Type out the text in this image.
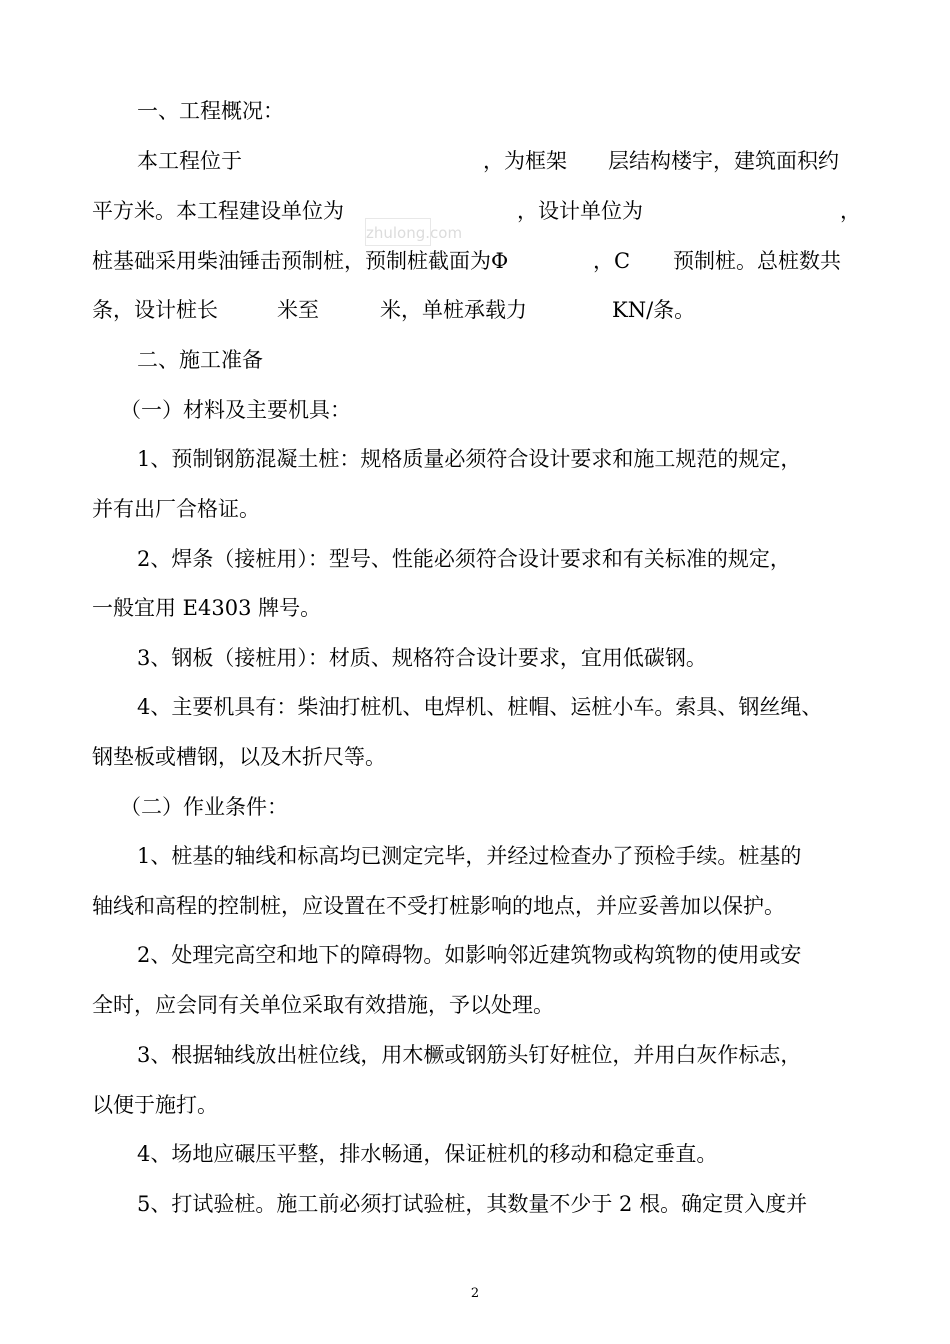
一、工程概况：
本工程位于	，为框架 层结构楼宇，建筑面积约
平方米。本工程建设单位为	，设计单位为	，
zhulong.com
桩基础采用柴油锤击预制桩，预制桩截面为Φ	，C 预制桩。总桩数共
条，设计桩长	米至	米，单桩承载力	KN/条。
二、施工准备
（一）材料及主要机具：
1、预制钢筋混凝土桩：规格质量必须符合设计要求和施工规范的规定，
并有出厂合格证。
2、焊条（接桩用）：型号、性能必须符合设计要求和有关标准的规定，
一般宜用 E4303 牌号。
3、钢板（接桩用）：材质、规格符合设计要求，宜用低碳钢。
4、主要机具有：柴油打桩机、电焊机、桩帽、运桩小车。索具、钢丝绳、
钢垫板或槽钢，以及木折尺等。
（二）作业条件：
1、桩基的轴线和标高均已测定完毕，并经过检查办了预检手续。桩基的
轴线和高程的控制桩，应设置在不受打桩影响的地点，并应妥善加以保护。
2、处理完高空和地下的障碍物。如影响邻近建筑物或构筑物的使用或安
全时，应会同有关单位采取有效措施，予以处理。
3、根据轴线放出桩位线，用木橛或钢筋头钉好桩位，并用白灰作标志，
以便于施打。
4、场地应碾压平整，排水畅通，保证桩机的移动和稳定垂直。
5、打试验桩。施工前必须打试验桩，其数量不少于 2 根。确定贯入度并
2
